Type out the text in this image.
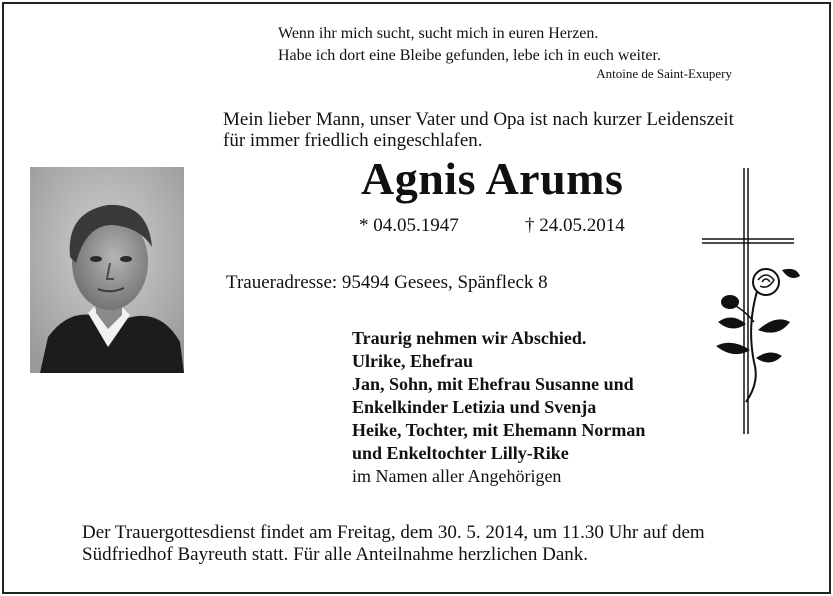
Wenn ihr mich sucht, sucht mich in euren Herzen.
Habe ich dort eine Bleibe gefunden, lebe ich in euch weiter.
Antoine de Saint-Exupery
Mein lieber Mann, unser Vater und Opa ist nach kurzer Leidenszeit
für immer friedlich eingeschlafen.
Agnis Arums
* 04.05.1947	† 24.05.2014
Traueradresse: 95494 Gesees, Spänfleck 8
Traurig nehmen wir Abschied.
Ulrike, Ehefrau
Jan, Sohn, mit Ehefrau Susanne und
Enkelkinder Letizia und Svenja
Heike, Tochter, mit Ehemann Norman
und Enkeltochter Lilly-Rike
im Namen aller Angehörigen
Der Trauergottesdienst findet am Freitag, dem 30. 5. 2014, um 11.30 Uhr auf dem
Südfriedhof Bayreuth statt. Für alle Anteilnahme herzlichen Dank.
